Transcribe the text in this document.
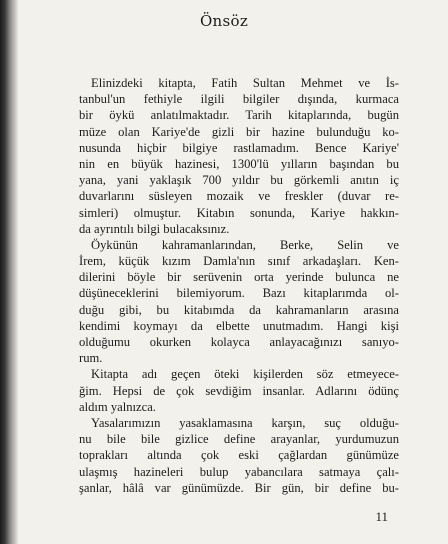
Önsöz
Elinizdeki kitapta, Fatih Sultan Mehmet ve İs-
tanbul'un fethiyle ilgili bilgiler dışında, kurmaca
bir öykü anlatılmaktadır. Tarih kitaplarında, bugün
müze olan Kariye'de gizli bir hazine bulunduğu ko-
nusunda hiçbir bilgiye rastlamadım. Bence Kariye'
nin en büyük hazinesi, 1300'lü yılların başından bu
yana, yani yaklaşık 700 yıldır bu görkemli anıtın iç
duvarlarını süsleyen mozaik ve freskler (duvar re-
simleri) olmuştur. Kitabın sonunda, Kariye hakkın-
da ayrıntılı bilgi bulacaksınız.
Öykünün kahramanlarından, Berke, Selin ve
İrem, küçük kızım Damla'nın sınıf arkadaşları. Ken-
dilerini böyle bir serüvenin orta yerinde bulunca ne
düşüneceklerini bilemiyorum. Bazı kitaplarımda ol-
duğu gibi, bu kitabımda da kahramanların arasına
kendimi koymayı da elbette unutmadım. Hangi kişi
olduğumu okurken kolayca anlayacağınızı sanıyo-
rum.
Kitapta adı geçen öteki kişilerden söz etmeyece-
ğim. Hepsi de çok sevdiğim insanlar. Adlarını ödünç
aldım yalnızca.
Yasalarımızın yasaklamasına karşın, suç olduğu-
nu bile bile gizlice define arayanlar, yurdumuzun
toprakları altında çok eski çağlardan günümüze
ulaşmış hazineleri bulup yabancılara satmaya çalı-
şanlar, hâlâ var günümüzde. Bir gün, bir define bu-
11
